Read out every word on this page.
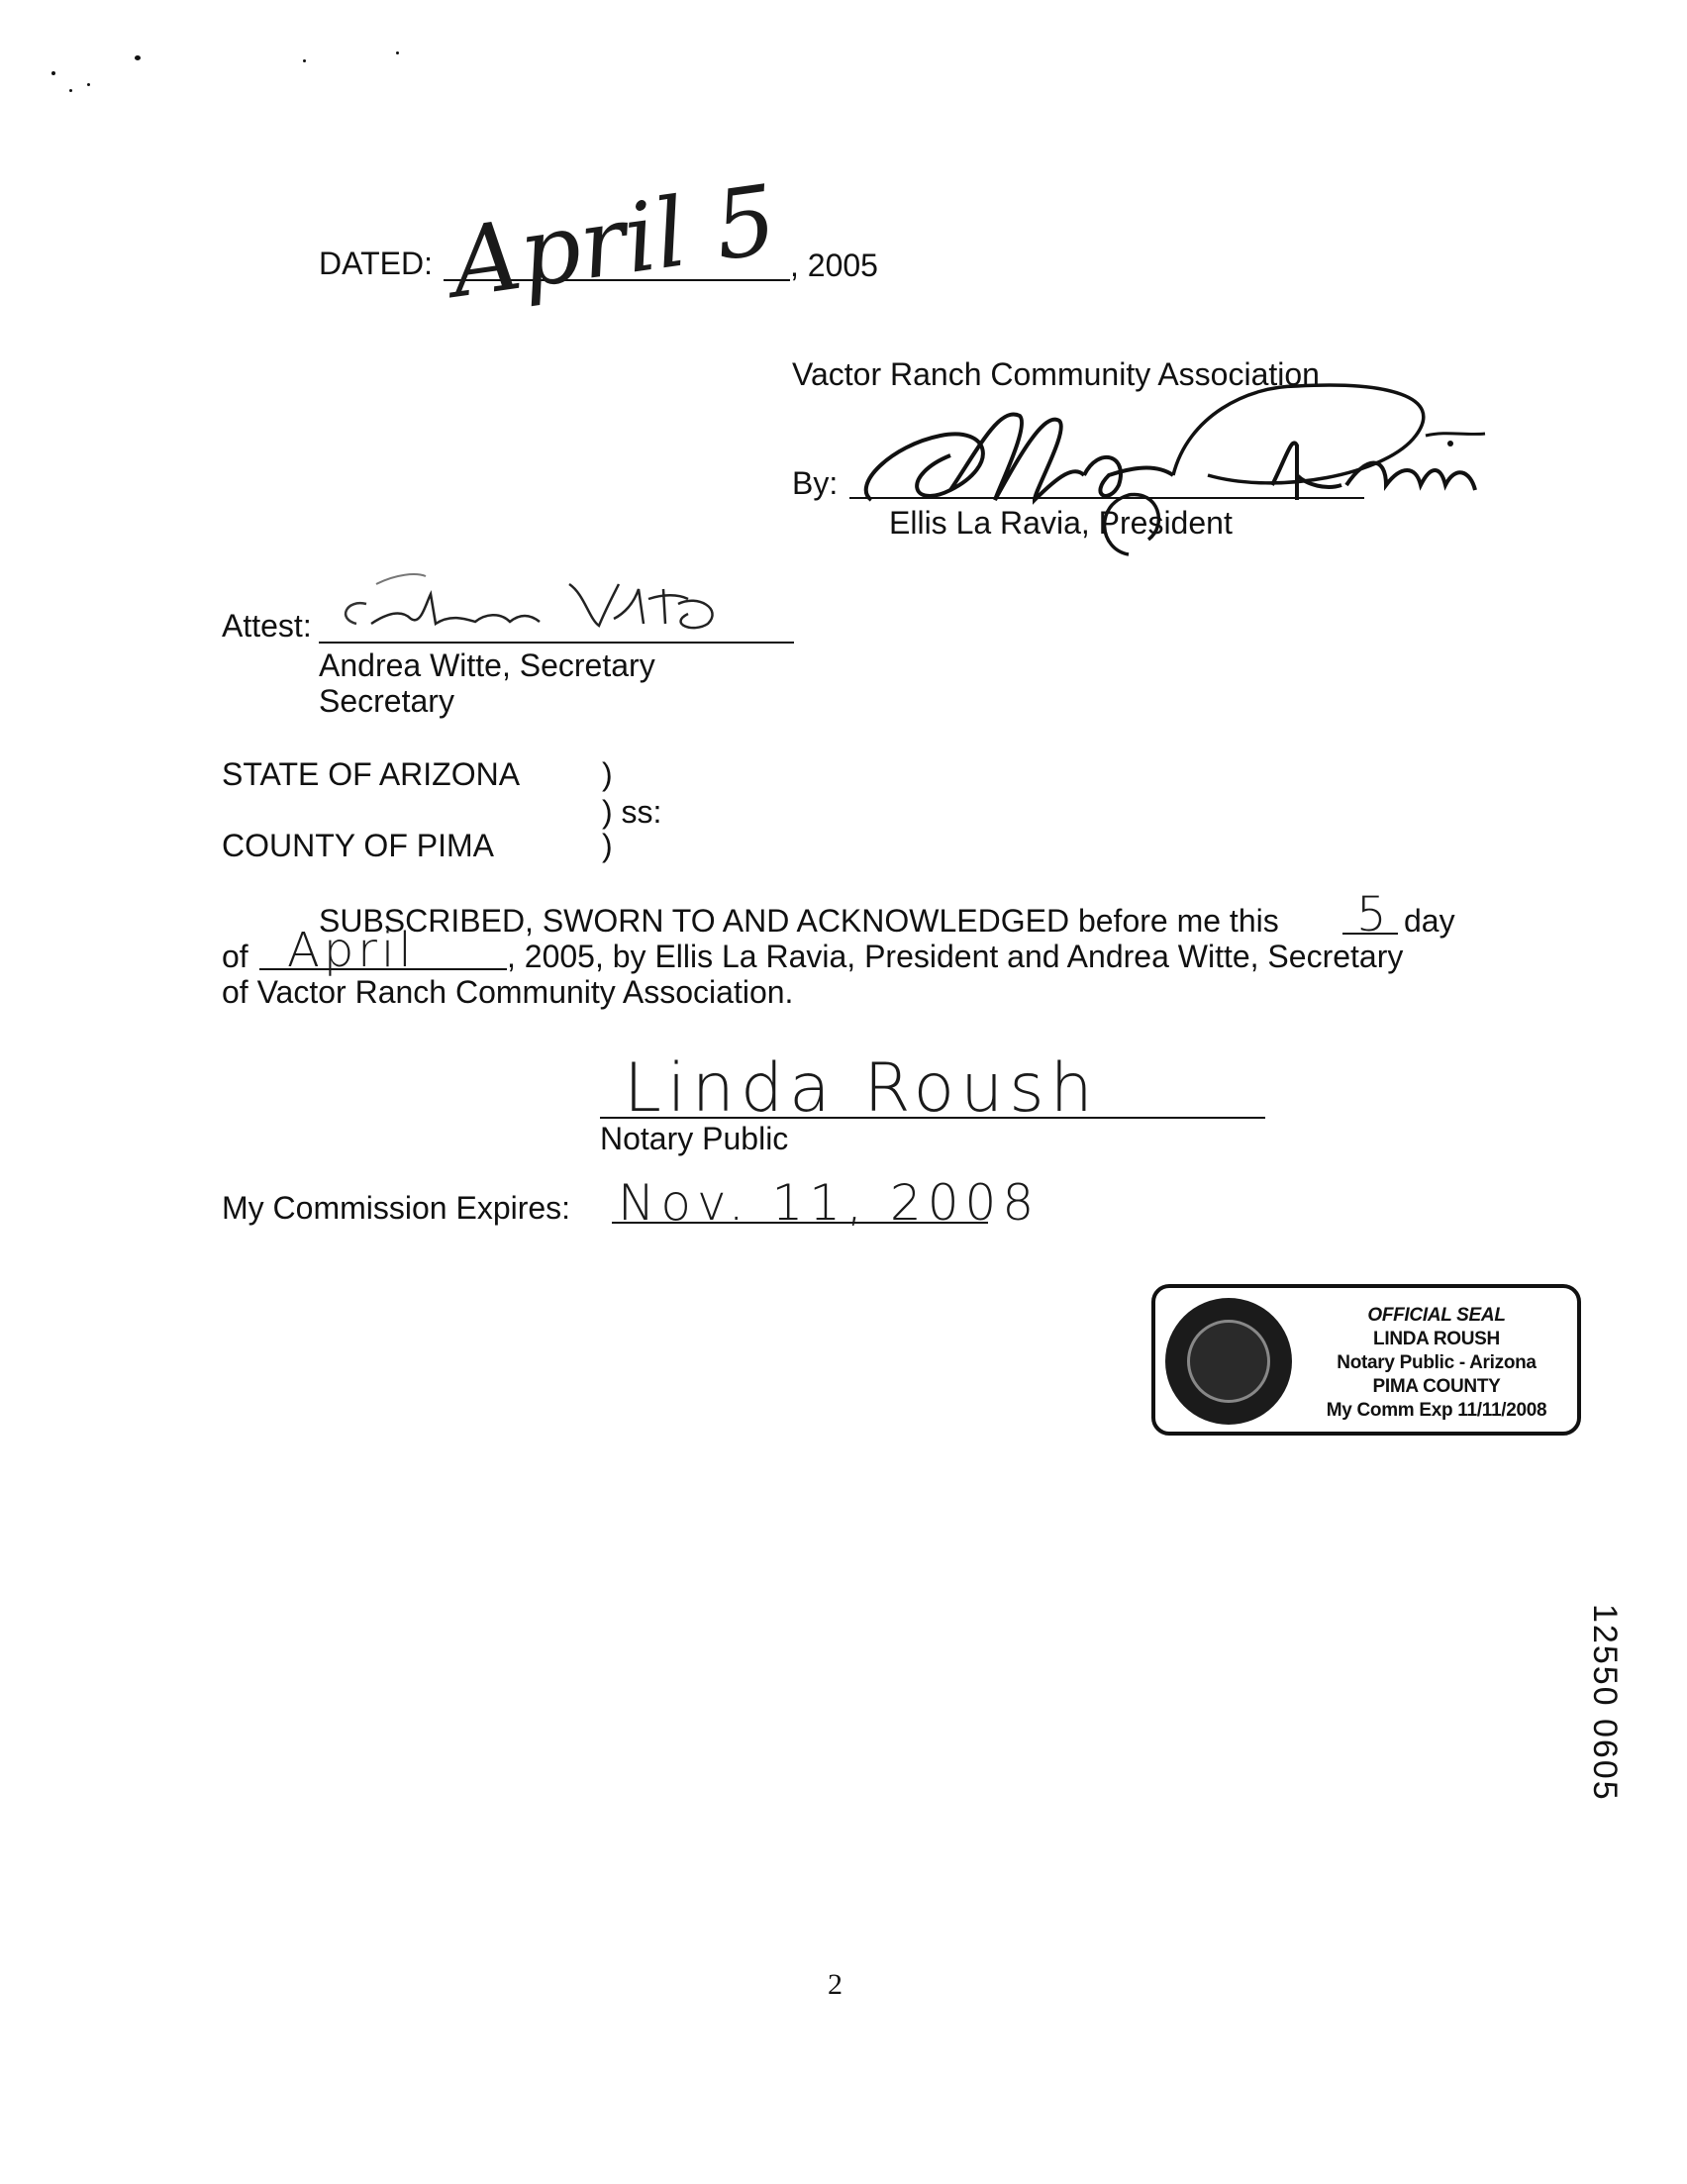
DATED: April 5 , 2005
Vactor Ranch Community Association
By:
Ellis La Ravia, President
Attest:
Andrea Witte, Secretary
Secretary
STATE OF ARIZONA	)
) ss:
COUNTY OF PIMA	)
SUBSCRIBED, SWORN TO AND ACKNOWLEDGED before me this 5 day
of April	, 2005, by Ellis La Ravia, President and Andrea Witte, Secretary
of Vactor Ranch Community Association.
Linda Roush
Notary Public
My Commission Expires: Nov. 11, 2008
OFFICIAL SEAL
LINDA ROUSH
Notary Public - Arizona
PIMA COUNTY
My Comm Exp 11/11/2008
12550 0605
2
